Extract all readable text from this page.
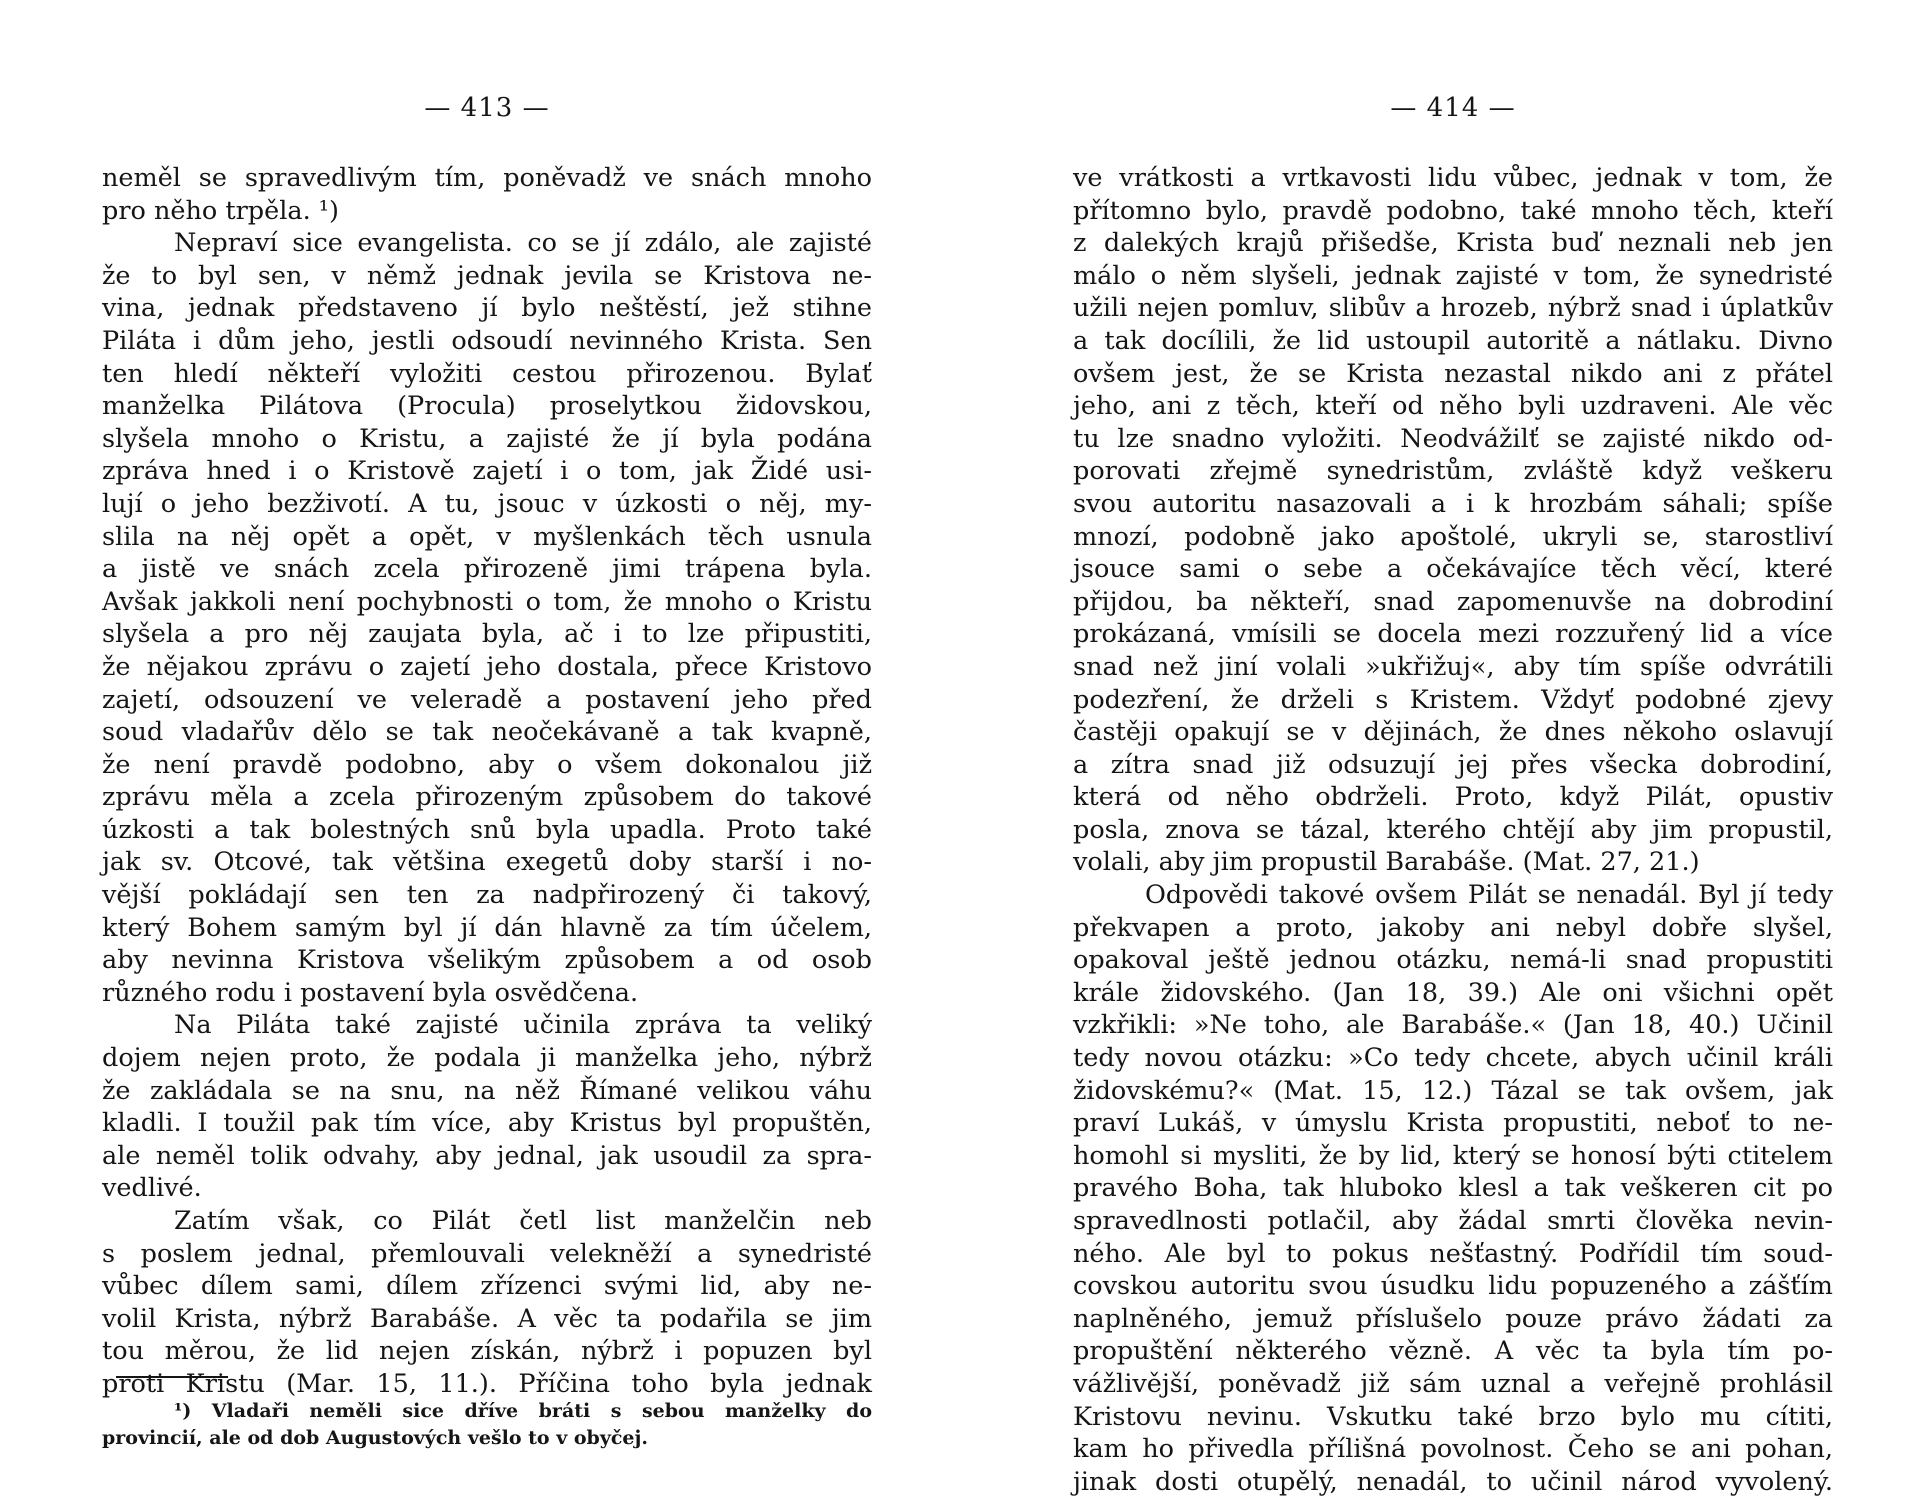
— 413 —
neměl se spravedlivým tím, poněvadž ve snách mnoho
pro něho trpěla. ¹)
Nepraví sice evangelista. co se jí zdálo, ale zajisté
že to byl sen, v němž jednak jevila se Kristova ne-
vina, jednak představeno jí bylo neštěstí, jež stihne
Piláta i dům jeho, jestli odsoudí nevinného Krista. Sen
ten hledí někteří vyložiti cestou přirozenou. Bylať
manželka Pilátova (Procula) proselytkou židovskou,
slyšela mnoho o Kristu, a zajisté že jí byla podána
zpráva hned i o Kristově zajetí i o tom, jak Židé usi-
lují o jeho bezživotí. A tu, jsouc v úzkosti o něj, my-
slila na něj opět a opět, v myšlenkách těch usnula
a jistě ve snách zcela přirozeně jimi trápena byla.
Avšak jakkoli není pochybnosti o tom, že mnoho o Kristu
slyšela a pro něj zaujata byla, ač i to lze připustiti,
že nějakou zprávu o zajetí jeho dostala, přece Kristovo
zajetí, odsouzení ve veleradě a postavení jeho před
soud vladařův dělo se tak neočekávaně a tak kvapně,
že není pravdě podobno, aby o všem dokonalou již
zprávu měla a zcela přirozeným způsobem do takové
úzkosti a tak bolestných snů byla upadla. Proto také
jak sv. Otcové, tak většina exegetů doby starší i no-
vější pokládají sen ten za nadpřirozený či takový,
který Bohem samým byl jí dán hlavně za tím účelem,
aby nevinna Kristova všelikým způsobem a od osob
různého rodu i postavení byla osvědčena.
Na Piláta také zajisté učinila zpráva ta veliký
dojem nejen proto, že podala ji manželka jeho, nýbrž
že zakládala se na snu, na něž Římané velikou váhu
kladli. I toužil pak tím více, aby Kristus byl propuštěn,
ale neměl tolik odvahy, aby jednal, jak usoudil za spra-
vedlivé.
Zatím však, co Pilát četl list manželčin neb
s poslem jednal, přemlouvali velekněží a synedristé
vůbec dílem sami, dílem zřízenci svými lid, aby ne-
volil Krista, nýbrž Barabáše. A věc ta podařila se jim
tou měrou, že lid nejen získán, nýbrž i popuzen byl
proti Kristu (Mar. 15, 11.). Příčina toho byla jednak
¹) Vladaři neměli sice dříve bráti s sebou manželky do
provincií, ale od dob Augustových vešlo to v obyčej.
— 414 —
ve vrátkosti a vrtkavosti lidu vůbec, jednak v tom, že
přítomno bylo, pravdě podobno, také mnoho těch, kteří
z dalekých krajů přišedše, Krista buď neznali neb jen
málo o něm slyšeli, jednak zajisté v tom, že synedristé
užili nejen pomluv, slibův a hrozeb, nýbrž snad i úplatkův
a tak docílili, že lid ustoupil autoritě a nátlaku. Divno
ovšem jest, že se Krista nezastal nikdo ani z přátel
jeho, ani z těch, kteří od něho byli uzdraveni. Ale věc
tu lze snadno vyložiti. Neodvážilť se zajisté nikdo od-
porovati zřejmě synedristům, zvláště když veškeru
svou autoritu nasazovali a i k hrozbám sáhali; spíše
mnozí, podobně jako apoštolé, ukryli se, starostliví
jsouce sami o sebe a očekávajíce těch věcí, které
přijdou, ba někteří, snad zapomenuvše na dobrodiní
prokázaná, vmísili se docela mezi rozzuřený lid a více
snad než jiní volali »ukřižuj«, aby tím spíše odvrátili
podezření, že drželi s Kristem. Vždyť podobné zjevy
častěji opakují se v dějinách, že dnes někoho oslavují
a zítra snad již odsuzují jej přes všecka dobrodiní,
která od něho obdrželi. Proto, když Pilát, opustiv
posla, znova se tázal, kterého chtějí aby jim propustil,
volali, aby jim propustil Barabáše. (Mat. 27, 21.)
Odpovědi takové ovšem Pilát se nenadál. Byl jí tedy
překvapen a proto, jakoby ani nebyl dobře slyšel,
opakoval ještě jednou otázku, nemá-li snad propustiti
krále židovského. (Jan 18, 39.) Ale oni všichni opět
vzkřikli: »Ne toho, ale Barabáše.« (Jan 18, 40.) Učinil
tedy novou otázku: »Co tedy chcete, abych učinil králi
židovskému?« (Mat. 15, 12.) Tázal se tak ovšem, jak
praví Lukáš, v úmyslu Krista propustiti, neboť to ne-
homohl si mysliti, že by lid, který se honosí býti ctitelem
pravého Boha, tak hluboko klesl a tak veškeren cit po
spravedlnosti potlačil, aby žádal smrti člověka nevin-
ného. Ale byl to pokus nešťastný. Podřídil tím soud-
covskou autoritu svou úsudku lidu popuzeného a zášťím
naplněného, jemuž příslušelo pouze právo žádati za
propuštění některého vězně. A věc ta byla tím po-
vážlivější, poněvadž již sám uznal a veřejně prohlásil
Kristovu nevinu. Vskutku také brzo bylo mu cítiti,
kam ho přivedla přílišná povolnost. Čeho se ani pohan,
jinak dosti otupělý, nenadál, to učinil národ vyvolený.
